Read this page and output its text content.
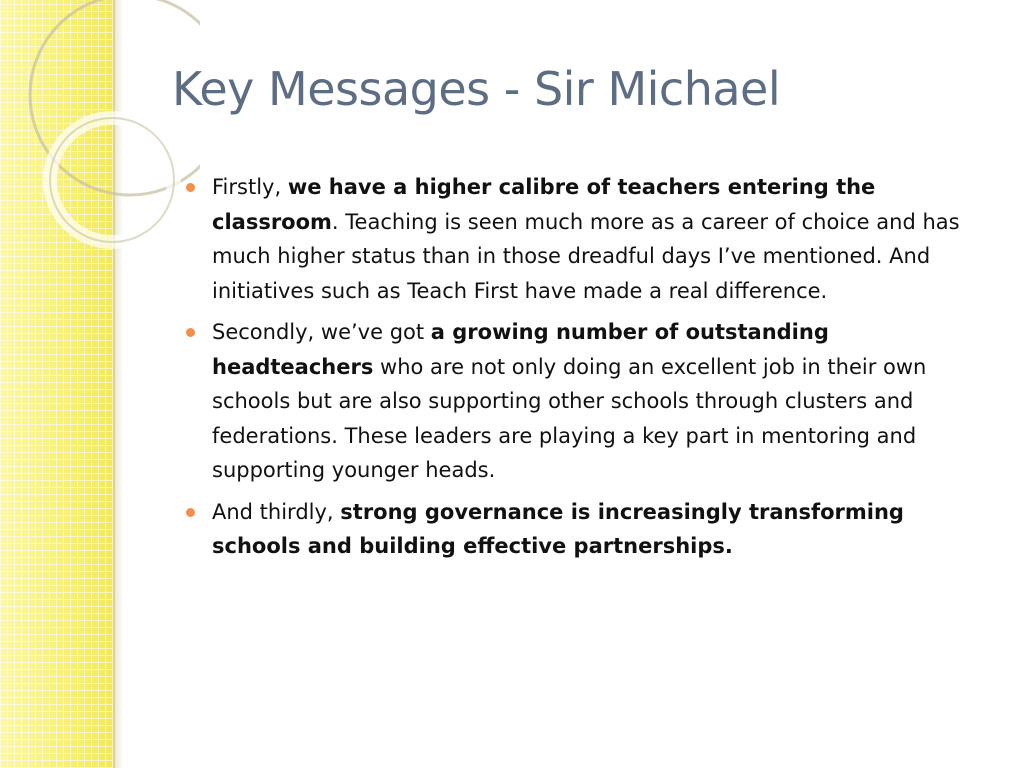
Key Messages - Sir Michael
Firstly, we have a higher calibre of teachers entering the classroom. Teaching is seen much more as a career of choice and has much higher status than in those dreadful days I’ve mentioned. And initiatives such as Teach First have made a real difference.
Secondly, we’ve got a growing number of outstanding headteachers who are not only doing an excellent job in their own schools but are also supporting other schools through clusters and federations. These leaders are playing a key part in mentoring and supporting younger heads.
And thirdly, strong governance is increasingly transforming schools and building effective partnerships.
